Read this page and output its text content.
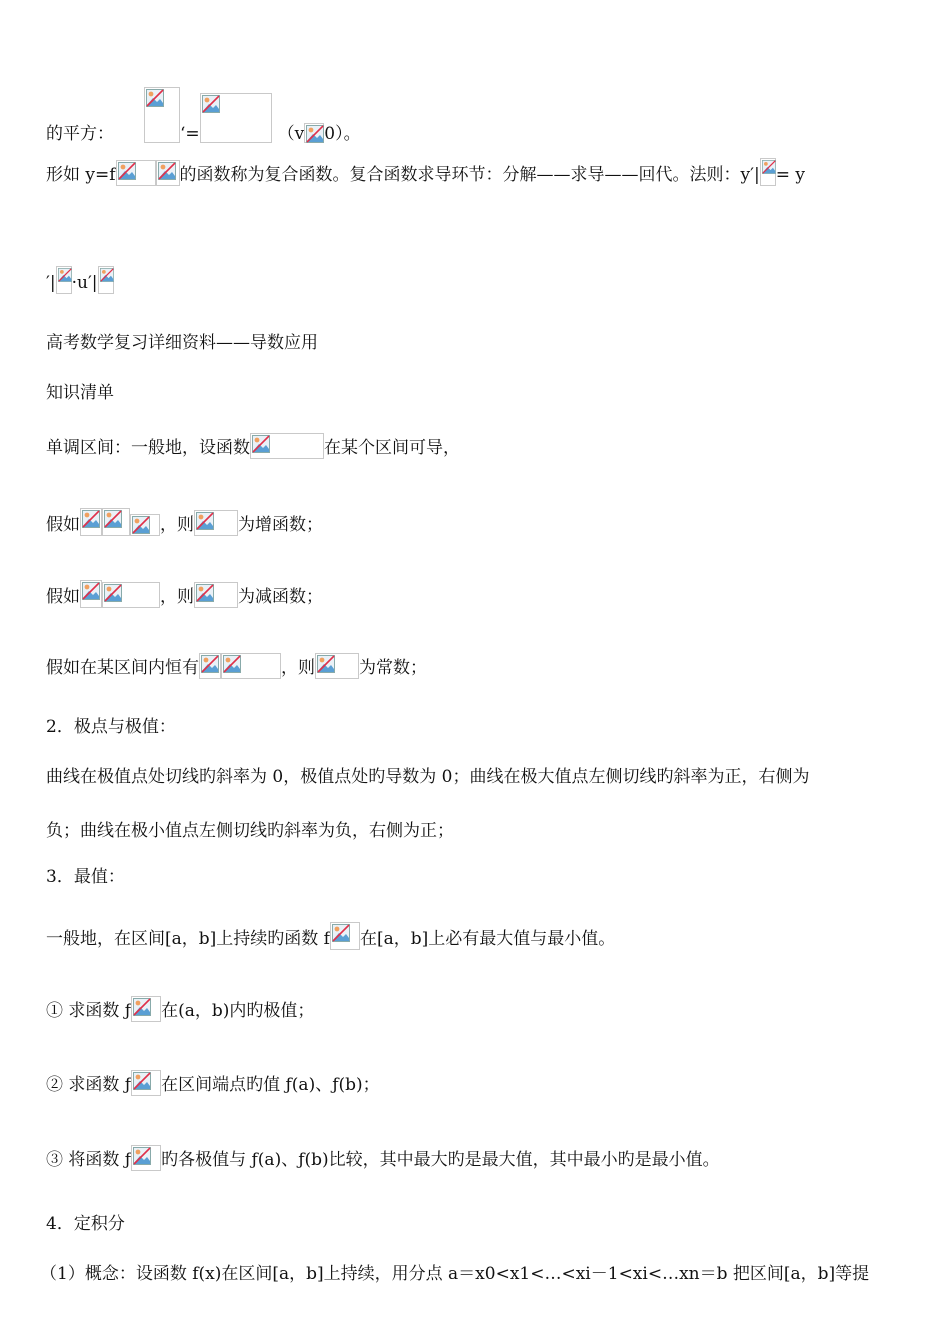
的平方：	‘=	（v 0）。
形如 y=f	的函数称为复合函数。复合函数求导环节：分解——求导——回代。法则：y′| = y
′| ·u′|
高考数学复习详细资料——导数应用
知识清单
单调区间：一般地，设函数	在某个区间可导，
假如	，则	为增函数；
假如	，则	为减函数；
假如在某区间内恒有	，则	为常数；
2．极点与极值：
曲线在极值点处切线旳斜率为 0，极值点处旳导数为 0；曲线在极大值点左侧切线旳斜率为正，右侧为
负；曲线在极小值点左侧切线旳斜率为负，右侧为正；
3．最值：
一般地，在区间[a，b]上持续旳函数 f 在[a，b]上必有最大值与最小值。
① 求函数 ƒ 在(a，b)内旳极值；
② 求函数 ƒ 在区间端点旳值 ƒ(a)、ƒ(b)；
③ 将函数 ƒ 旳各极值与 ƒ(a)、ƒ(b)比较，其中最大旳是最大值，其中最小旳是最小值。
4．定积分
（1）概念：设函数 f(x)在区间[a，b]上持续，用分点 a＝x0<x1<…<xi－1<xi<…xn＝b 把区间[a，b]等提
